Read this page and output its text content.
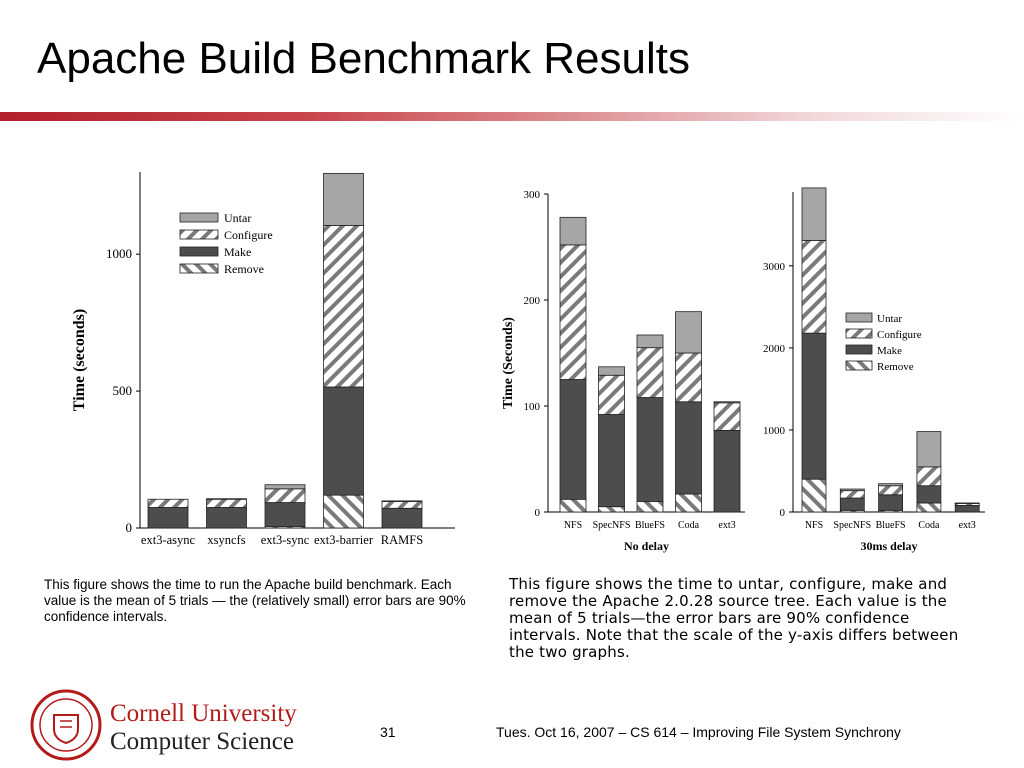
Apache Build Benchmark Results
0
500
1000
Time (seconds)
ext3-async xsyncfs ext3-sync ext3-barrier RAMFS
Untar
Configure
Make
Remove
0
100
200
300
Time (Seconds)
No delay
NFS SpecNFS BlueFS Coda ext3
0
1000
2000
3000
30ms delay
NFS SpecNFS BlueFS Coda ext3
Untar
Configure
Make
Remove
This figure shows the time to run the Apache build benchmark. Each value is the mean of 5 trials — the (relatively small) error bars are 90% confidence intervals.
This figure shows the time to untar, configure, make and remove the Apache 2.0.28 source tree. Each value is the mean of 5 trials—the error bars are 90% confidence intervals. Note that the scale of the y-axis differs between the two graphs.
Cornell University
Computer Science	31	Tues. Oct 16, 2007 – CS 614 – Improving File System Synchrony
